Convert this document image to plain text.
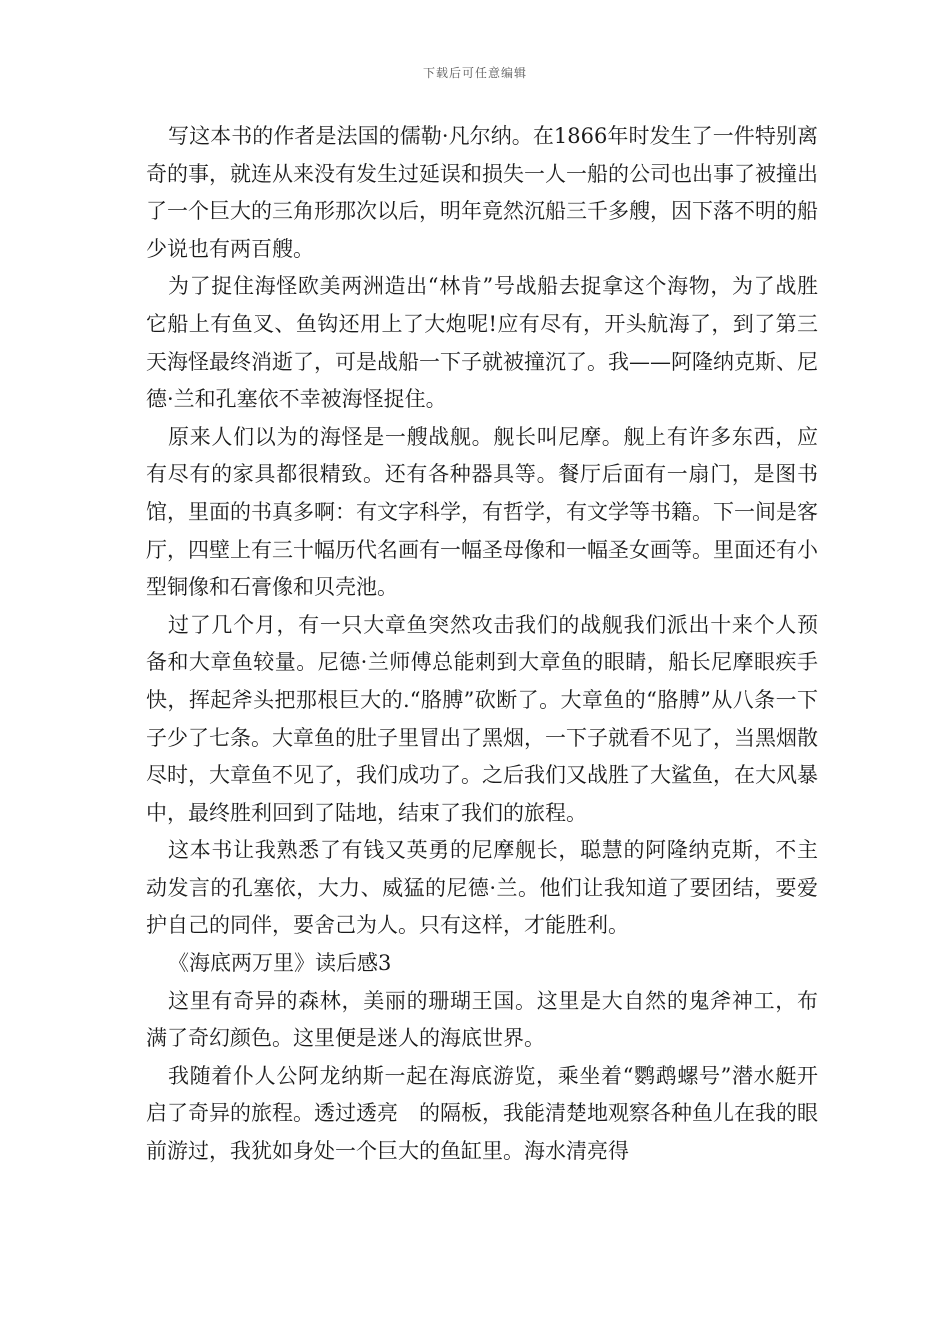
下载后可任意编辑

写这本书的作者是法国的儒勒·凡尔纳。在1866年时发生了一件特别离奇的事，就连从来没有发生过延误和损失一人一船的公司也出事了被撞出了一个巨大的三角形那次以后，明年竟然沉船三千多艘，因下落不明的船少说也有两百艘。

为了捉住海怪欧美两洲造出“林肯”号战船去捉拿这个海物，为了战胜它船上有鱼叉、鱼钩还用上了大炮呢!应有尽有，开头航海了，到了第三天海怪最终消逝了，可是战船一下子就被撞沉了。我——阿隆纳克斯、尼德·兰和孔塞依不幸被海怪捉住。

原来人们以为的海怪是一艘战舰。舰长叫尼摩。舰上有许多东西，应有尽有的家具都很精致。还有各种器具等。餐厅后面有一扇门，是图书馆，里面的书真多啊：有文字科学，有哲学，有文学等书籍。下一间是客厅，四壁上有三十幅历代名画有一幅圣母像和一幅圣女画等。里面还有小型铜像和石膏像和贝壳池。

过了几个月，有一只大章鱼突然攻击我们的战舰我们派出十来个人预备和大章鱼较量。尼德·兰师傅总能刺到大章鱼的眼睛，船长尼摩眼疾手快，挥起斧头把那根巨大的.“胳膊”砍断了。大章鱼的“胳膊”从八条一下子少了七条。大章鱼的肚子里冒出了黑烟，一下子就看不见了，当黑烟散尽时，大章鱼不见了，我们成功了。之后我们又战胜了大鲨鱼，在大风暴中，最终胜利回到了陆地，结束了我们的旅程。

这本书让我熟悉了有钱又英勇的尼摩舰长，聪慧的阿隆纳克斯，不主动发言的孔塞依，大力、威猛的尼德·兰。他们让我知道了要团结，要爱护自己的同伴，要舍己为人。只有这样，才能胜利。

《海底两万里》读后感3

这里有奇异的森林，美丽的珊瑚王国。这里是大自然的鬼斧神工，布满了奇幻颜色。这里便是迷人的海底世界。

我随着仆人公阿龙纳斯一起在海底游览，乘坐着“鹦鹉螺号”潜水艇开启了奇异的旅程。透过透亮　的隔板，我能清楚地观察各种鱼儿在我的眼前游过，我犹如身处一个巨大的鱼缸里。海水清亮得
